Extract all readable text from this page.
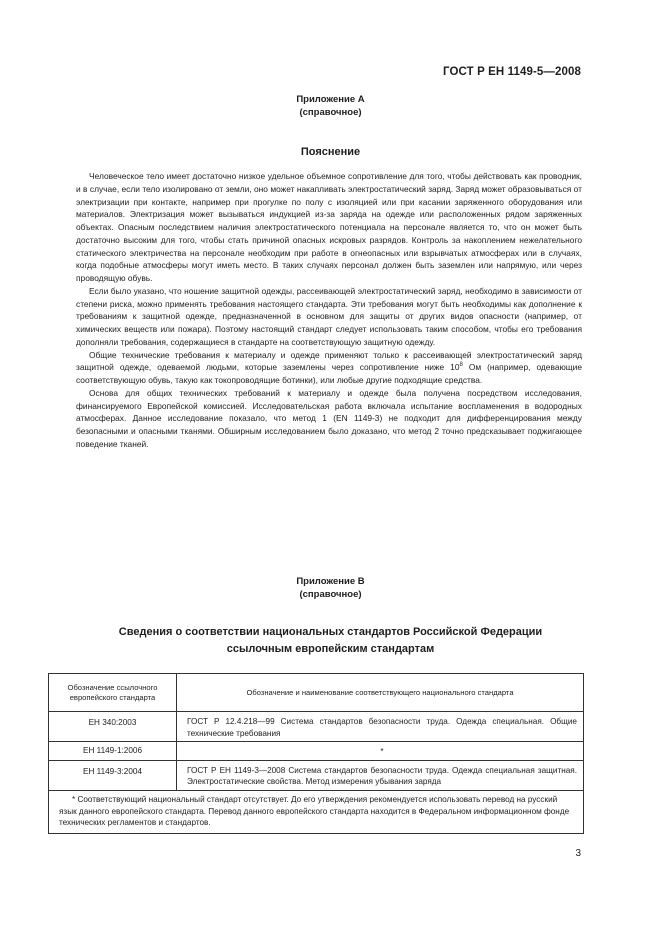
ГОСТ Р ЕН 1149-5—2008
Приложение А
(справочное)
Пояснение

Человеческое тело имеет достаточно низкое удельное объемное сопротивление для того, чтобы действовать как проводник, и в случае, если тело изолировано от земли, оно может накапливать электростатический заряд. Заряд может образовываться от электризации при контакте, например при прогулке по полу с изоляцией или при касании заряженного оборудования или материалов. Электризация может вызываться индукцией из-за заряда на одежде или расположенных рядом заряженных объектах. Опасным последствием наличия электростатического потенциала на персонале является то, что он может быть достаточно высоким для того, чтобы стать причиной опасных искровых разрядов. Контроль за накоплением нежелательного статического электричества на персонале необходим при работе в огнеопасных или взрывчатых атмосферах или в случаях, когда подобные атмосферы могут иметь место. В таких случаях персонал должен быть заземлен или напрямую, или через проводящую обувь.

Если было указано, что ношение защитной одежды, рассеивающей электростатический заряд, необходимо в зависимости от степени риска, можно применять требования настоящего стандарта. Эти требования могут быть необходимы как дополнение к требованиям к защитной одежде, предназначенной в основном для защиты от других видов опасности (например, от химических веществ или пожара). Поэтому настоящий стандарт следует использовать таким способом, чтобы его требования дополняли требования, содержащиеся в стандарте на соответствующую защитную одежду.

Общие технические требования к материалу и одежде применяют только к рассеивающей электростатический заряд защитной одежде, одеваемой людьми, которые заземлены через сопротивление ниже $10^8$ Ом (например, одевающие соответствующую обувь, такую как токопроводящие ботинки), или любые другие подходящие средства.

Основа для общих технических требований к материалу и одежде была получена посредством исследования, финансируемого Европейской комиссией. Исследовательская работа включала испытание воспламенения в водородных атмосферах. Данное исследование показало, что метод 1 (EN 1149-3) не подходит для дифференцирования между безопасными и опасными тканями. Обширным исследованием было доказано, что метод 2 точно предсказывает поджигающее поведение тканей.

Приложение В
(справочное)
Сведения о соответствии национальных стандартов Российской Федерации
ссылочным европейским стандартам
Обозначение ссылочного европейского стандарта	Обозначение и наименование соответствующего национального стандарта
ЕН 340:2003	ГОСТ Р 12.4.218—99 Система стандартов безопасности труда. Одежда специальная. Общие технические требования
ЕН 1149-1:2006	*
ЕН 1149-3:2004	ГОСТ Р ЕН 1149-3—2008 Система стандартов безопасности труда. Одежда специальная защитная. Электростатические свойства. Метод измерения убывания заряда

* Соответствующий национальный стандарт отсутствует. До его утверждения рекомендуется использовать перевод на русский язык данного европейского стандарта. Перевод данного европейского стандарта находится в Федеральном информационном фонде технических регламентов и стандартов.	

3
